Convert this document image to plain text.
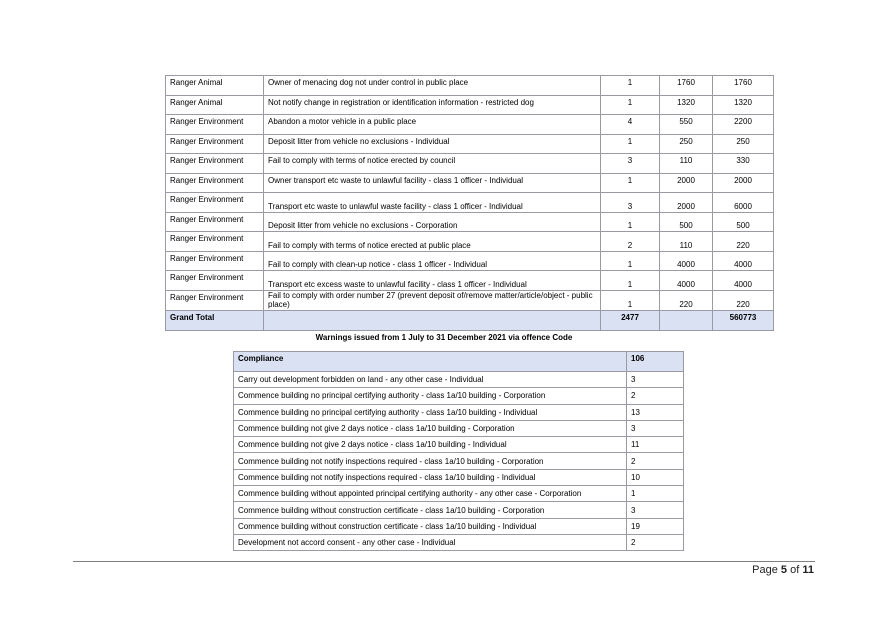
Ranger Animal	Owner of menacing dog not under control in public place	1	1760	1760
Ranger Animal	Not notify change in registration or identification information - restricted dog	1	1320	1320
Ranger Environment	Abandon a motor vehicle in a public place	4	550	2200
Ranger Environment	Deposit litter from vehicle no exclusions - Individual	1	250	250
Ranger Environment	Fail to comply with terms of notice erected by council	3	110	330
Ranger Environment	Owner transport etc waste to unlawful facility - class 1 officer - Individual	1	2000	2000
Ranger Environment	Transport etc waste to unlawful waste facility - class 1 officer - Individual	3	2000	6000
Ranger Environment	Deposit litter from vehicle no exclusions - Corporation	1	500	500
Ranger Environment	Fail to comply with terms of notice erected at public place	2	110	220
Ranger Environment	Fail to comply with clean-up notice - class 1 officer - Individual	1	4000	4000
Ranger Environment	Transport etc excess waste to unlawful facility - class 1 officer - Individual	1	4000	4000
Ranger Environment	Fail to comply with order number 27 (prevent deposit of/remove matter/article/object - public place)	1	220	220
Grand Total		2477		560773
Warnings issued from 1 July to 31 December 2021 via offence Code
Compliance	106
Carry out development forbidden on land - any other case - Individual	3
Commence building no principal certifying authority - class 1a/10 building - Corporation	2
Commence building no principal certifying authority - class 1a/10 building - Individual	13
Commence building not give 2 days notice - class 1a/10 building - Corporation	3
Commence building not give 2 days notice - class 1a/10 building - Individual	11
Commence building not notify inspections required - class 1a/10 building - Corporation	2
Commence building not notify inspections required - class 1a/10 building - Individual	10
Commence building without appointed principal certifying authority - any other case - Corporation	1
Commence building without construction certificate - class 1a/10 building - Corporation	3
Commence building without construction certificate - class 1a/10 building - Individual	19
Development not accord consent - any other case - Individual	2
Page 5 of 11
